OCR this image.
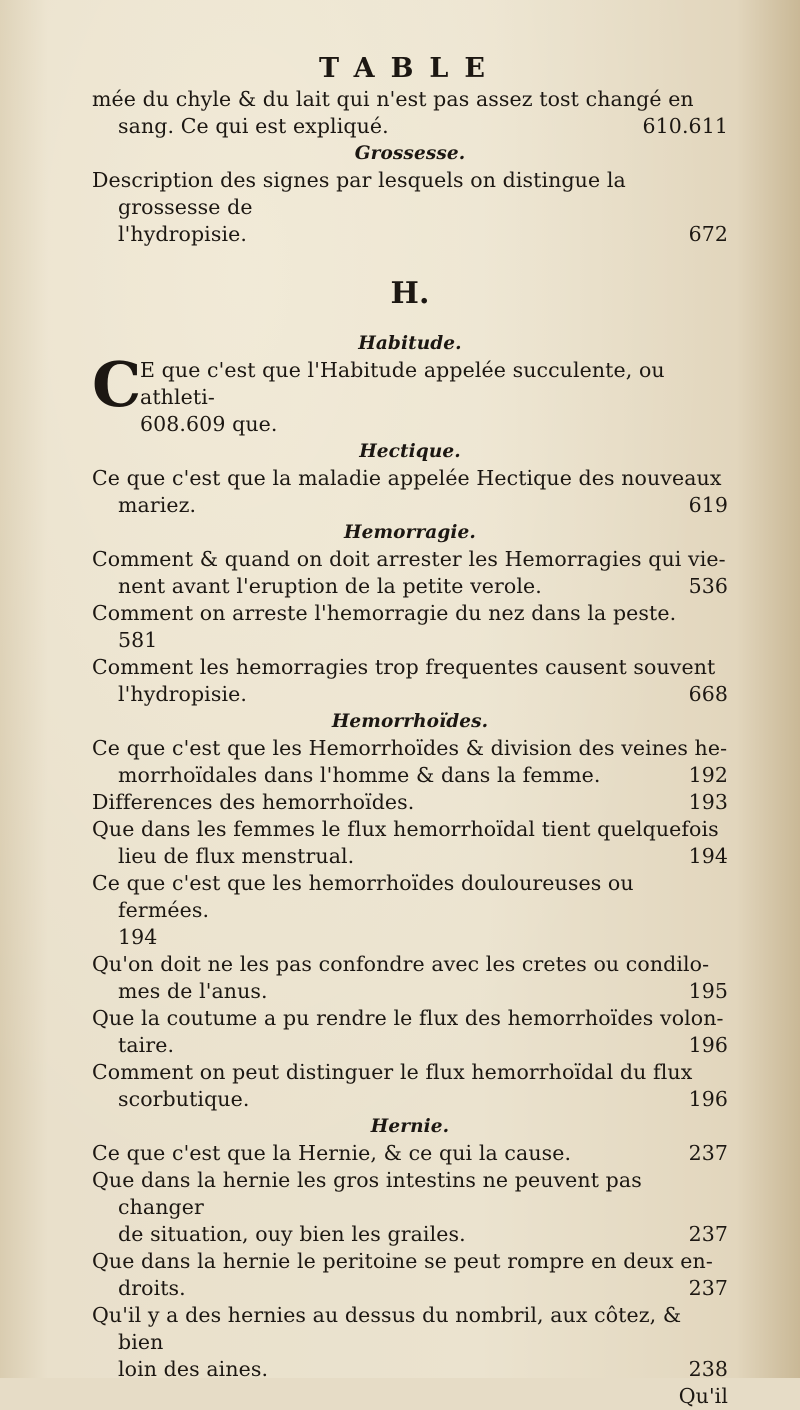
TABLE
mée du chyle & du lait qui n'est pas assez tost changé en

610.611
sang. Ce qui est expliqué.
Grossesse.
Description des signes par lesquels on distingue la grossesse de

672
l'hydropisie.
H.
Habitude.
C
E que c'est que l'Habitude appelée succulente, ou athleti-
608.609 que.
Hectique.
Ce que c'est que la maladie appelée Hectique des nouveaux

619
mariez.
Hemorragie.
Comment & quand on doit arrester les Hemorragies qui vie-

536
nent avant l'eruption de la petite verole.
Comment on arreste l'hemorragie du nez dans la peste.
581
Comment les hemorragies trop frequentes causent souvent

668
l'hydropisie.
Hemorrhoïdes.
Ce que c'est que les Hemorrhoïdes & division des veines he-

192
morrhoïdales dans l'homme & dans la femme.
193
Differences des hemorrhoïdes.
Que dans les femmes le flux hemorrhoïdal tient quelquefois

194
lieu de flux menstrual.
Ce que c'est que les hemorrhoïdes douloureuses ou fermées.
194
Qu'on doit ne les pas confondre avec les cretes ou condilo-

195
mes de l'anus.
Que la coutume a pu rendre le flux des hemorrhoïdes volon-

196
taire.
Comment on peut distinguer le flux hemorrhoïdal du flux

196
scorbutique.
Hernie.
237
Ce que c'est que la Hernie, & ce qui la cause.
Que dans la hernie les gros intestins ne peuvent pas changer

237
de situation, ouy bien les grailes.
Que dans la hernie le peritoine se peut rompre en deux en-

237
droits.
Qu'il y a des hernies au dessus du nombril, aux côtez, & bien

238
loin des aines.
Qu'il
